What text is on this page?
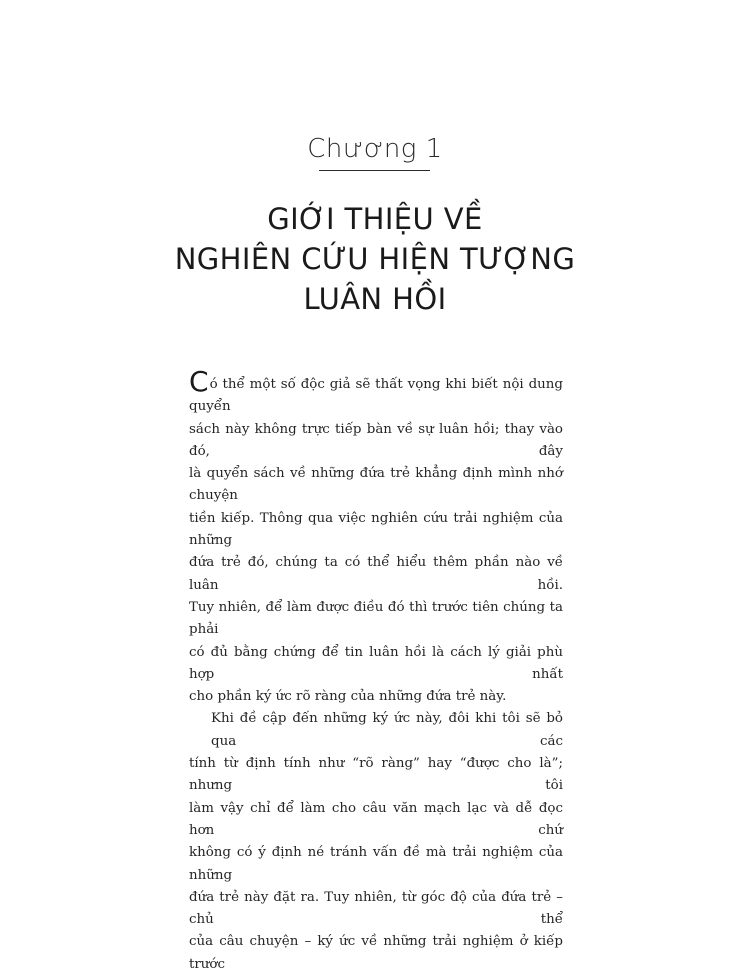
Chương 1
GIỚI THIỆU VỀ
NGHIÊN CỨU HIỆN TƯỢNG
LUÂN HỒI

Có thể một số độc giả sẽ thất vọng khi biết nội dung quyển
sách này không trực tiếp bàn về sự luân hồi; thay vào đó, đây
là quyển sách về những đứa trẻ khẳng định mình nhớ chuyện
tiền kiếp. Thông qua việc nghiên cứu trải nghiệm của những
đứa trẻ đó, chúng ta có thể hiểu thêm phần nào về luân hồi.
Tuy nhiên, để làm được điều đó thì trước tiên chúng ta phải
có đủ bằng chứng để tin luân hồi là cách lý giải phù hợp nhất
cho phần ký ức rõ ràng của những đứa trẻ này.

Khi đề cập đến những ký ức này, đôi khi tôi sẽ bỏ qua các
tính từ định tính như “rõ ràng” hay “được cho là”; nhưng tôi
làm vậy chỉ để làm cho câu văn mạch lạc và dễ đọc hơn chứ
không có ý định né tránh vấn đề mà trải nghiệm của những
đứa trẻ này đặt ra. Tuy nhiên, từ góc độ của đứa trẻ – chủ thể
của câu chuyện – ký ức về những trải nghiệm ở kiếp trước
